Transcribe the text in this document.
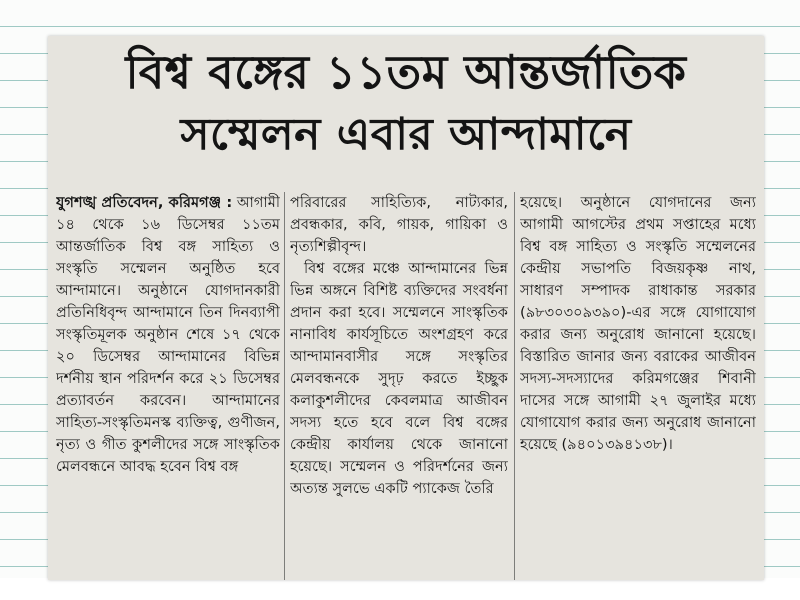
বিশ্ব বঙ্গের ১১তম আন্তর্জাতিক
সম্মেলন এবার আন্দামানে

যুগশঙ্খ প্রতিবেদন, করিমগঞ্জ : আগামী ১৪ থেকে ১৬ ডিসেম্বর ১১তম আন্তর্জাতিক বিশ্ব বঙ্গ সাহিত্য ও সংস্কৃতি সম্মেলন অনুষ্ঠিত হবে আন্দামানে। অনুষ্ঠানে যোগদানকারী প্রতিনিধিবৃন্দ আন্দামানে তিন দিনব্যাপী সংস্কৃতিমূলক অনুষ্ঠান শেষে ১৭ থেকে ২০ ডিসেম্বর আন্দামানের বিভিন্ন দর্শনীয় স্থান পরিদর্শন করে ২১ ডিসেম্বর প্রত্যাবর্তন করবেন। আন্দামানের সাহিত্য-সংস্কৃতিমনস্ক ব্যক্তিত্ব, গুণীজন, নৃত্য ও গীত কুশলীদের সঙ্গে সাংস্কৃতিক মেলবন্ধনে আবদ্ধ হবেন বিশ্ব বঙ্গ

পরিবারের সাহিত্যিক, নাট্যকার, প্রবন্ধকার, কবি, গায়ক, গায়িকা ও নৃত্যশিল্পীবৃন্দ।

বিশ্ব বঙ্গের মঞ্চে আন্দামানের ভিন্ন ভিন্ন অঙ্গনে বিশিষ্ট ব্যক্তিদের সংবর্ধনা প্রদান করা হবে। সম্মেলনে সাংস্কৃতিক নানাবিধ কার্যসূচিতে অংশগ্রহণ করে আন্দামানবাসীর সঙ্গে সংস্কৃতির মেলবন্ধনকে সুদৃঢ় করতে ইচ্ছুক কলাকুশলীদের কেবলমাত্র আজীবন সদস্য হতে হবে বলে বিশ্ব বঙ্গের কেন্দ্রীয় কার্যালয় থেকে জানানো হয়েছে। সম্মেলন ও পরিদর্শনের জন্য অত্যন্ত সুলভে একটি প্যাকেজ তৈরি

হয়েছে। অনুষ্ঠানে যোগদানের জন্য আগামী আগস্টের প্রথম সপ্তাহের মধ্যে বিশ্ব বঙ্গ সাহিত্য ও সংস্কৃতি সম্মেলনের কেন্দ্রীয় সভাপতি বিজয়কৃষ্ণ নাথ, সাধারণ সম্পাদক রাধাকান্ত সরকার (৯৮৩০৩০৯৩৯০)-এর সঙ্গে যোগাযোগ করার জন্য অনুরোধ জানানো হয়েছে। বিস্তারিত জানার জন্য বরাকের আজীবন সদস্য-সদস্যাদের করিমগঞ্জের শিবানী দাসের সঙ্গে আগামী ২৭ জুলাইর মধ্যে যোগাযোগ করার জন্য অনুরোধ জানানো হয়েছে (৯৪০১৩৯৪১৩৮)।
